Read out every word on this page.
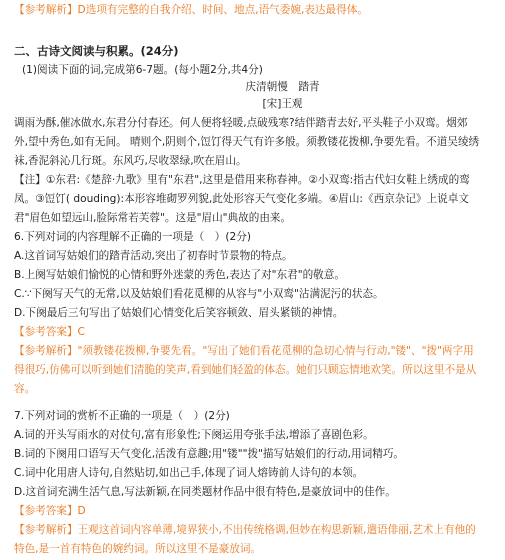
【参考解析】D选项有完整的自我介绍、时间、地点,语气委婉,表达最得体。
二、古诗文阅读与积累。(24分)
(1)阅读下面的词,完成第6-7题。(每小题2分,共4分)
庆清朝慢　踏青
[宋]王观
调雨为酥,催冰做水,东君分付春还。何人便将轻暖,点破残寒?结伴踏青去好,平头鞋子小双鸾。烟郊
外,望中秀色,如有无间。 晴则个,阴则个,饾饤得天气有许多般。须教镂花拨柳,争要先看。不道吴绫绣
袜,香泥斜沁几行斑。东风巧,尽收翠绿,吹在眉山。
【注】①东君:《楚辞·九歌》里有"东君",这里是借用来称春神。②小双鸾:指古代妇女鞋上绣成的鸾
凤。③饾饤( douding):本形容堆砌罗列貌,此处形容天气变化多端。④眉山:《西京杂记》上说卓文
君"眉色如望远山,脸际常若芙蓉"。这是"眉山"典故的由来。
6.下列对词的内容理解不正确的一项是（　）(2分)
A.这首词写姑娘们的踏青活动,突出了初春时节景物的特点。
B.上阕写姑娘们愉悦的心情和野外迷蒙的秀色,表达了对"东君"的敬意。
C.∵下阕写天气的无常,以及姑娘们看花觅柳的从容与"小双鸾"沾满泥污的状态。
D.下阕最后三句写出了姑娘们心情变化后笑容顿敛、眉头紧锁的神情。
【参考答案】C
【参考解析】"须教镂花拨柳,争要先看。"写出了她们看花觅柳的急切心情与行动,"镂"、"拨"两字用
得很巧,仿佛可以听到她们清脆的笑声,看到她们轻盈的体态。她们只顾忘情地欢笑。所以这里不是从
容。
7.下列对词的赏析不正确的一项是（　）(2分)
A.词的开头写雨水的对仗句,富有形象性;下阕运用夸张手法,增添了喜剧色彩。
B.词的下阕用口语写天气变化,活泼有意趣;用"镂""拨"描写姑娘们的行动,用词精巧。
C.词中化用唐人诗句,自然贴切,如出己手,体现了词人熔铸前人诗句的本领。
D.这首词充满生活气息,写法新颖,在同类题材作品中很有特色,是豪放词中的佳作。
【参考答案】D
【参考解析】王观这首词内容单薄,境界狭小,不出传统格调,但妙在构思新颖,遣语俳丽,艺术上有他的
特色,是一首有特色的婉约词。所以这里不是豪放词。
